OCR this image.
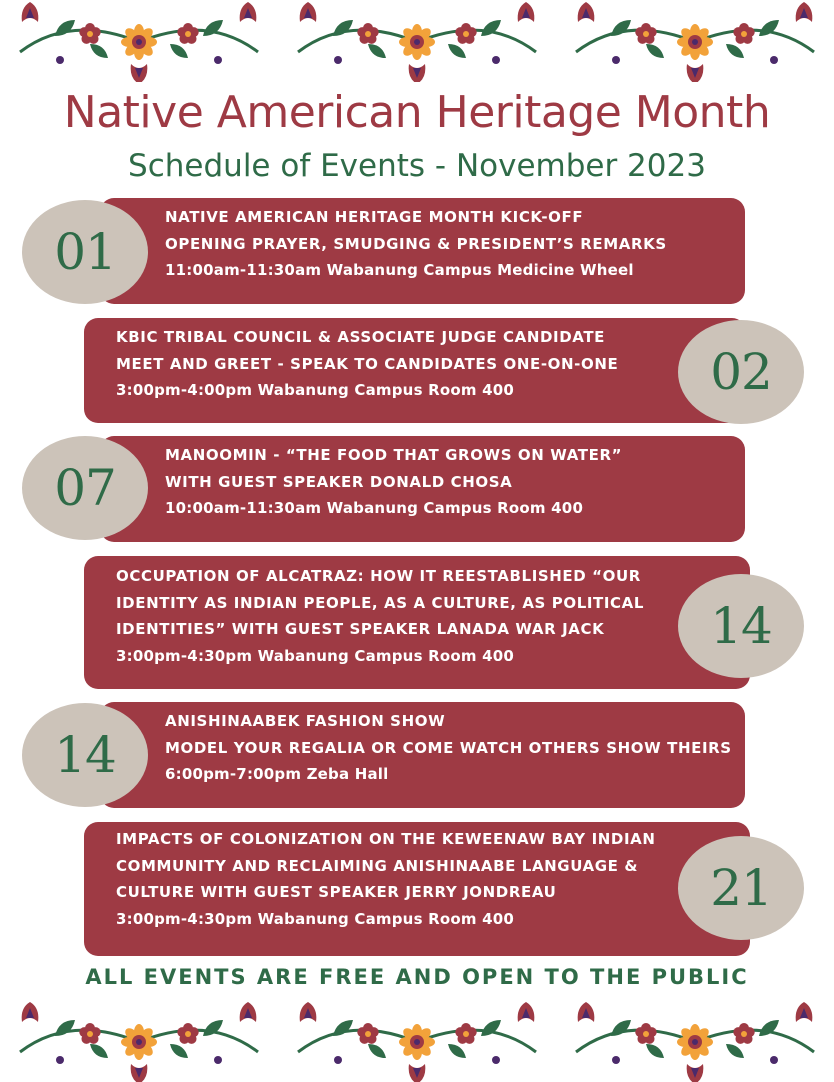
Native American Heritage Month
Schedule of Events - November 2023
01
NATIVE AMERICAN HERITAGE MONTH KICK-OFF
OPENING PRAYER, SMUDGING & PRESIDENT’S REMARKS
11:00am-11:30am Wabanung Campus Medicine Wheel
02
KBIC TRIBAL COUNCIL & ASSOCIATE JUDGE CANDIDATE
MEET AND GREET - SPEAK TO CANDIDATES ONE-ON-ONE
3:00pm-4:00pm Wabanung Campus Room 400
07
MANOOMIN - “THE FOOD THAT GROWS ON WATER”
WITH GUEST SPEAKER DONALD CHOSA
10:00am-11:30am Wabanung Campus Room 400
14
OCCUPATION OF ALCATRAZ: HOW IT REESTABLISHED “OUR
IDENTITY AS INDIAN PEOPLE, AS A CULTURE, AS POLITICAL
IDENTITIES” WITH GUEST SPEAKER LANADA WAR JACK
3:00pm-4:30pm Wabanung Campus Room 400
14
ANISHINAABEK FASHION SHOW
MODEL YOUR REGALIA OR COME WATCH OTHERS SHOW THEIRS
6:00pm-7:00pm Zeba Hall
21
IMPACTS OF COLONIZATION ON THE KEWEENAW BAY INDIAN
COMMUNITY AND RECLAIMING ANISHINAABE LANGUAGE &
CULTURE WITH GUEST SPEAKER JERRY JONDREAU
3:00pm-4:30pm Wabanung Campus Room 400
ALL EVENTS ARE FREE AND OPEN TO THE PUBLIC
